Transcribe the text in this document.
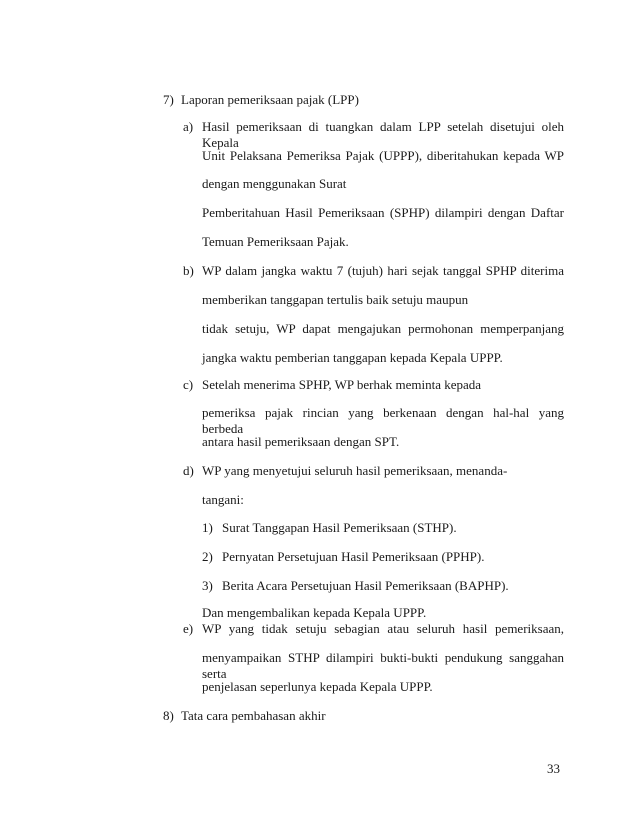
7) Laporan pemeriksaan pajak (LPP)
a) Hasil pemeriksaan di tuangkan dalam LPP setelah disetujui oleh Kepala
Unit Pelaksana Pemeriksa Pajak (UPPP), diberitahukan kepada WP
dengan menggunakan Surat
Pemberitahuan Hasil Pemeriksaan (SPHP) dilampiri dengan Daftar
Temuan Pemeriksaan Pajak.
b) WP dalam jangka waktu 7 (tujuh) hari sejak tanggal SPHP diterima
memberikan tanggapan tertulis baik setuju maupun
tidak setuju, WP dapat mengajukan permohonan memperpanjang
jangka waktu pemberian tanggapan kepada Kepala UPPP.
c) Setelah menerima SPHP, WP berhak meminta kepada
pemeriksa pajak rincian yang berkenaan dengan hal-hal yang berbeda
antara hasil pemeriksaan dengan SPT.
d) WP yang menyetujui seluruh hasil pemeriksaan, menanda-
tangani:
1) Surat Tanggapan Hasil Pemeriksaan (STHP).
2) Pernyatan Persetujuan Hasil Pemeriksaan (PPHP).
3) Berita Acara Persetujuan Hasil Pemeriksaan (BAPHP).
Dan mengembalikan kepada Kepala UPPP.
e) WP yang tidak setuju sebagian atau seluruh hasil pemeriksaan,
menyampaikan STHP dilampiri bukti-bukti pendukung sanggahan serta
penjelasan seperlunya kepada Kepala UPPP.
8) Tata cara pembahasan akhir
33
